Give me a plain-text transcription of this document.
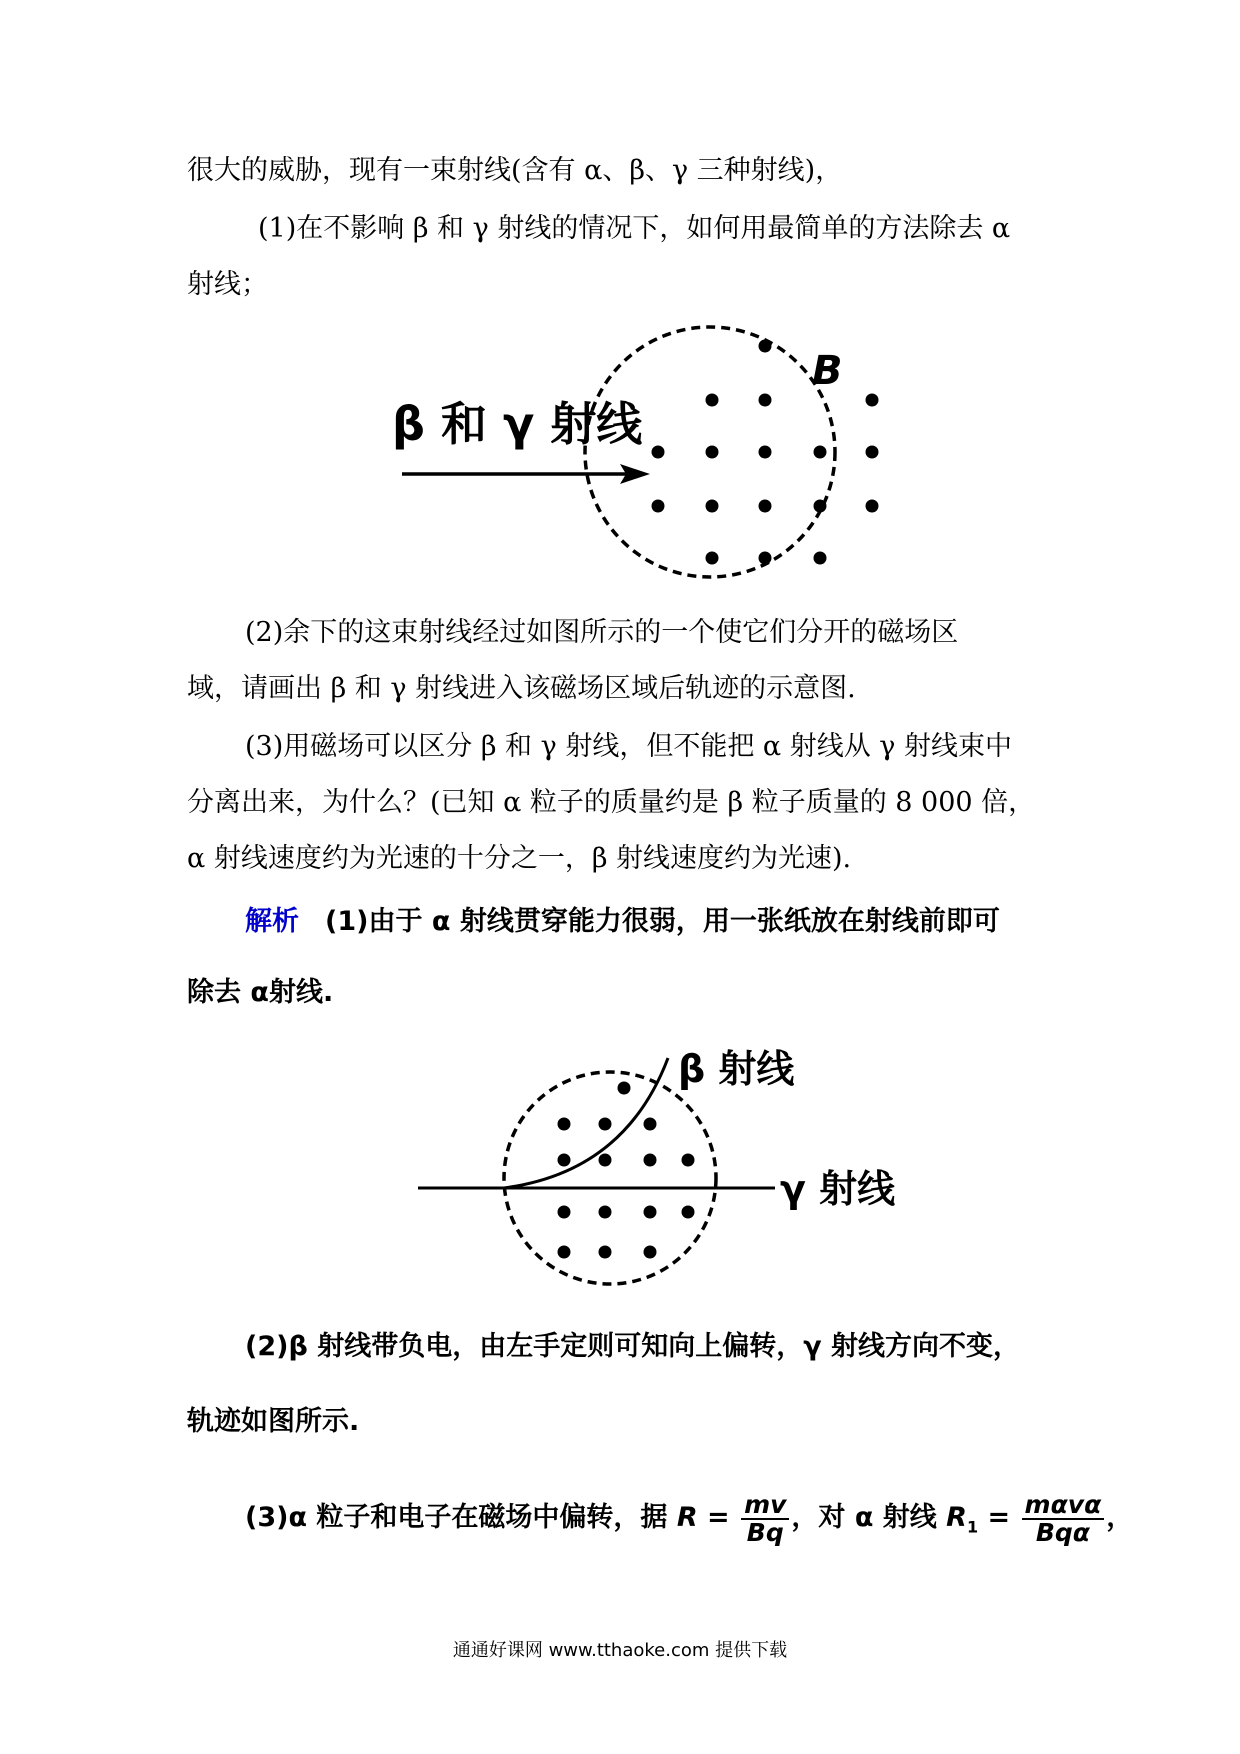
很大的威胁，现有一束射线(含有 α、β、γ 三种射线)，
(1)在不影响 β 和 γ 射线的情况下，如何用最简单的方法除去 α
射线；
β 和 γ 射线
B
(2)余下的这束射线经过如图所示的一个使它们分开的磁场区
域，请画出 β 和 γ 射线进入该磁场区域后轨迹的示意图.
(3)用磁场可以区分 β 和 γ 射线，但不能把 α 射线从 γ 射线束中
分离出来，为什么？(已知 α 粒子的质量约是 β 粒子质量的 8 000 倍，
α 射线速度约为光速的十分之一，β 射线速度约为光速).
解析 (1)由于 α 射线贯穿能力很弱，用一张纸放在射线前即可
除去 α射线.
β 射线
γ 射线
(2)β 射线带负电，由左手定则可知向上偏转，γ 射线方向不变，
轨迹如图所示.
(3)α 粒子和电子在磁场中偏转，据 $R = \frac{mv}{Bq}$ ，对 α 射线 $R_1 = \frac{\text{mαvα}}{\text{Bqα}}$ ，
通通好课网 www.tthaoke.com 提供下载
